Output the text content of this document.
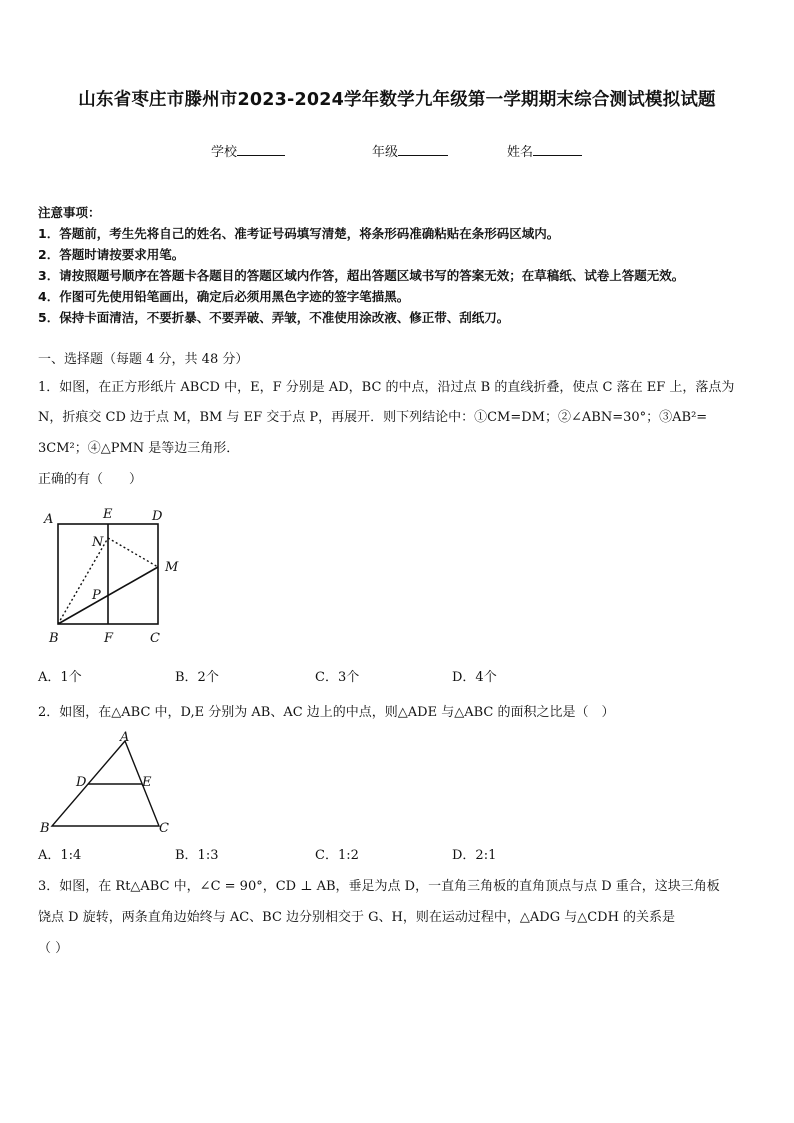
山东省枣庄市滕州市2023-2024学年数学九年级第一学期期末综合测试模拟试题
学校	年级	姓名
注意事项：
1．答题前，考生先将自己的姓名、准考证号码填写清楚，将条形码准确粘贴在条形码区域内。
2．答题时请按要求用笔。
3．请按照题号顺序在答题卡各题目的答题区域内作答，超出答题区域书写的答案无效；在草稿纸、试卷上答题无效。
4．作图可先使用铅笔画出，确定后必须用黑色字迹的签字笔描黑。
5．保持卡面清洁，不要折暴、不要弄破、弄皱，不准使用涂改液、修正带、刮纸刀。
一、选择题（每题 4 分，共 48 分）
1．如图，在正方形纸片 ABCD 中，E，F 分别是 AD，BC 的中点，沿过点 B 的直线折叠，使点 C 落在 EF 上，落点为
N，折痕交 CD 边于点 M，BM 与 EF 交于点 P，再展开．则下列结论中：①CM=DM；②∠ABN=30°；③AB²=
3CM²；④△PMN 是等边三角形．
正确的有（　　）
A	E	D
N
M
P
B	F	C
A．1个	B．2个	C．3个	D．4个
2．如图，在△ABC 中，D,E 分别为 AB、AC 边上的中点，则△ADE 与△ABC 的面积之比是（　）
A
D	E
B	C
A．1:4	B．1:3	C．1:2	D．2:1
3．如图，在 Rt△ABC 中，∠C = 90°，CD ⊥ AB，垂足为点 D，一直角三角板的直角顶点与点 D 重合，这块三角板
饶点 D 旋转，两条直角边始终与 AC、BC 边分别相交于 G、H，则在运动过程中，△ADG 与△CDH 的关系是
（ ）
